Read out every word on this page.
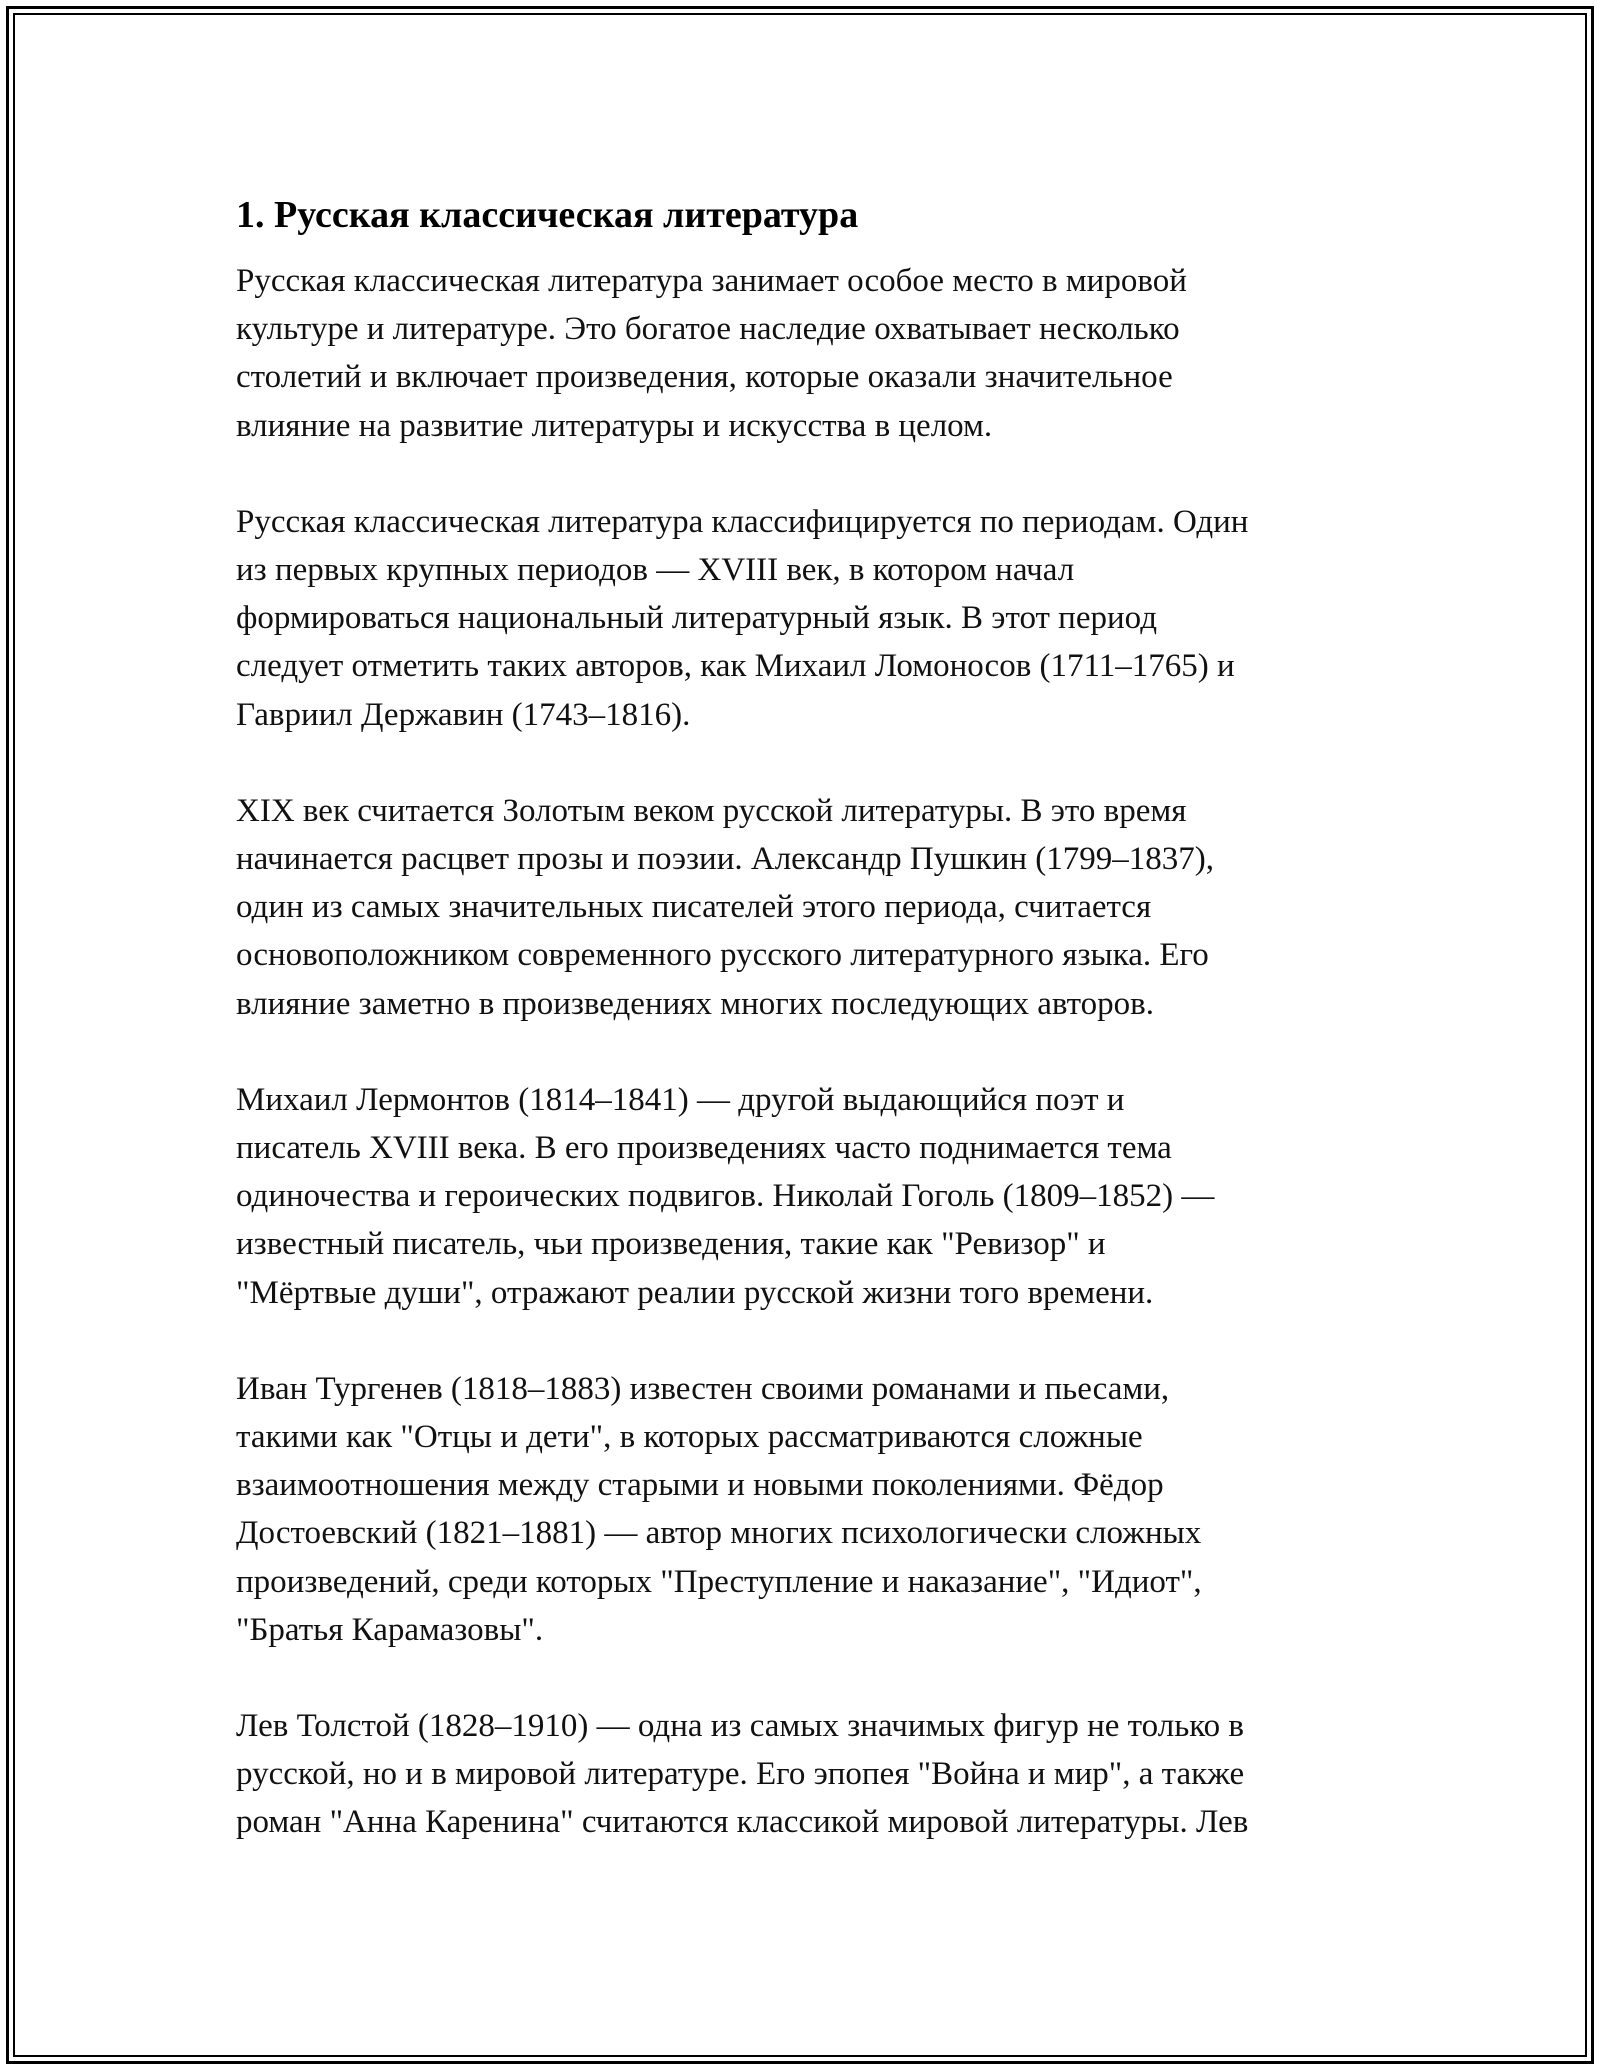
1. Русская классическая литература

Русская классическая литература занимает особое место в мировой
культуре и литературе. Это богатое наследие охватывает несколько
столетий и включает произведения, которые оказали значительное
влияние на развитие литературы и искусства в целом.

Русская классическая литература классифицируется по периодам. Один
из первых крупных периодов — XVIII век, в котором начал
формироваться национальный литературный язык. В этот период
следует отметить таких авторов, как Михаил Ломоносов (1711–1765) и
Гавриил Державин (1743–1816).

XIX век считается Золотым веком русской литературы. В это время
начинается расцвет прозы и поэзии. Александр Пушкин (1799–1837),
один из самых значительных писателей этого периода, считается
основоположником современного русского литературного языка. Его
влияние заметно в произведениях многих последующих авторов.

Михаил Лермонтов (1814–1841) — другой выдающийся поэт и
писатель XVIII века. В его произведениях часто поднимается тема
одиночества и героических подвигов. Николай Гоголь (1809–1852) —
известный писатель, чьи произведения, такие как "Ревизор" и
"Мёртвые души", отражают реалии русской жизни того времени.

Иван Тургенев (1818–1883) известен своими романами и пьесами,
такими как "Отцы и дети", в которых рассматриваются сложные
взаимоотношения между старыми и новыми поколениями. Фёдор
Достоевский (1821–1881) — автор многих психологически сложных
произведений, среди которых "Преступление и наказание", "Идиот",
"Братья Карамазовы".

Лев Толстой (1828–1910) — одна из самых значимых фигур не только в
русской, но и в мировой литературе. Его эпопея "Война и мир", а также
роман "Анна Каренина" считаются классикой мировой литературы. Лев
